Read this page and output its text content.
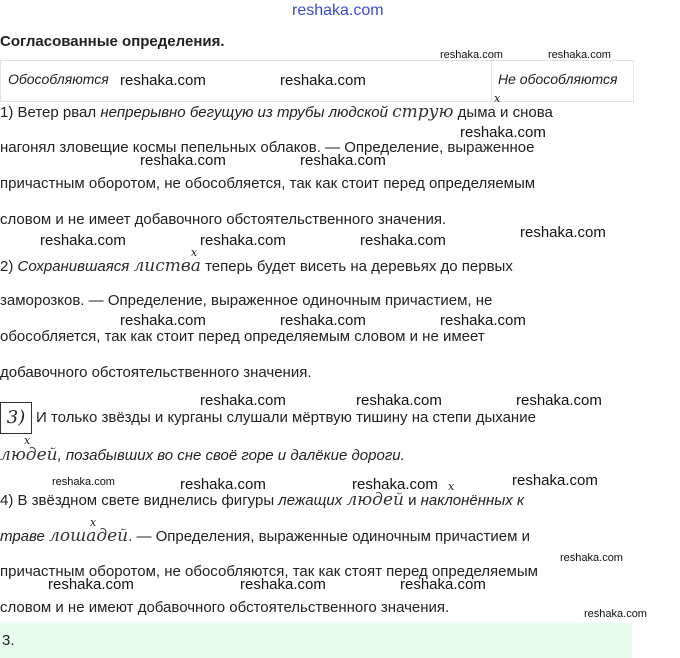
reshaka.com
Согласованные определения.
Обособляются	Не обособляются
1) Ветер рвал непрерывно бегущую из трубы людской струю дыма и снова
нагонял зловещие космы пепельных облаков. — Определение, выраженное
причастным оборотом, не обособляется, так как стоит перед определяемым
словом и не имеет добавочного обстоятельственного значения.
2) Сохранившаяся листва теперь будет висеть на деревьях до первых
заморозков. — Определение, выраженное одиночным причастием, не
обособляется, так как стоит перед определяемым словом и не имеет
добавочного обстоятельственного значения.
3) И только звёзды и курганы слушали мёртвую тишину на степи дыхание
людей, позабывших во сне своё горе и далёкие дороги.
4) В звёздном свете виднелись фигуры лежащих людей и наклонённых к
траве лошадей. — Определения, выраженные одиночным причастием и
причастным оборотом, не обособляются, так как стоят перед определяемым
словом и не имеют добавочного обстоятельственного значения.
3.
x
x
x
x
x
reshaka.com	reshaka.com
reshaka.com	reshaka.com
reshaka.com
reshaka.com	reshaka.com
reshaka.com	reshaka.com	reshaka.com	reshaka.com
reshaka.com	reshaka.com	reshaka.com
reshaka.com	reshaka.com	reshaka.com
reshaka.com	reshaka.com	reshaka.com	reshaka.com
reshaka.com
reshaka.com	reshaka.com	reshaka.com
reshaka.com
